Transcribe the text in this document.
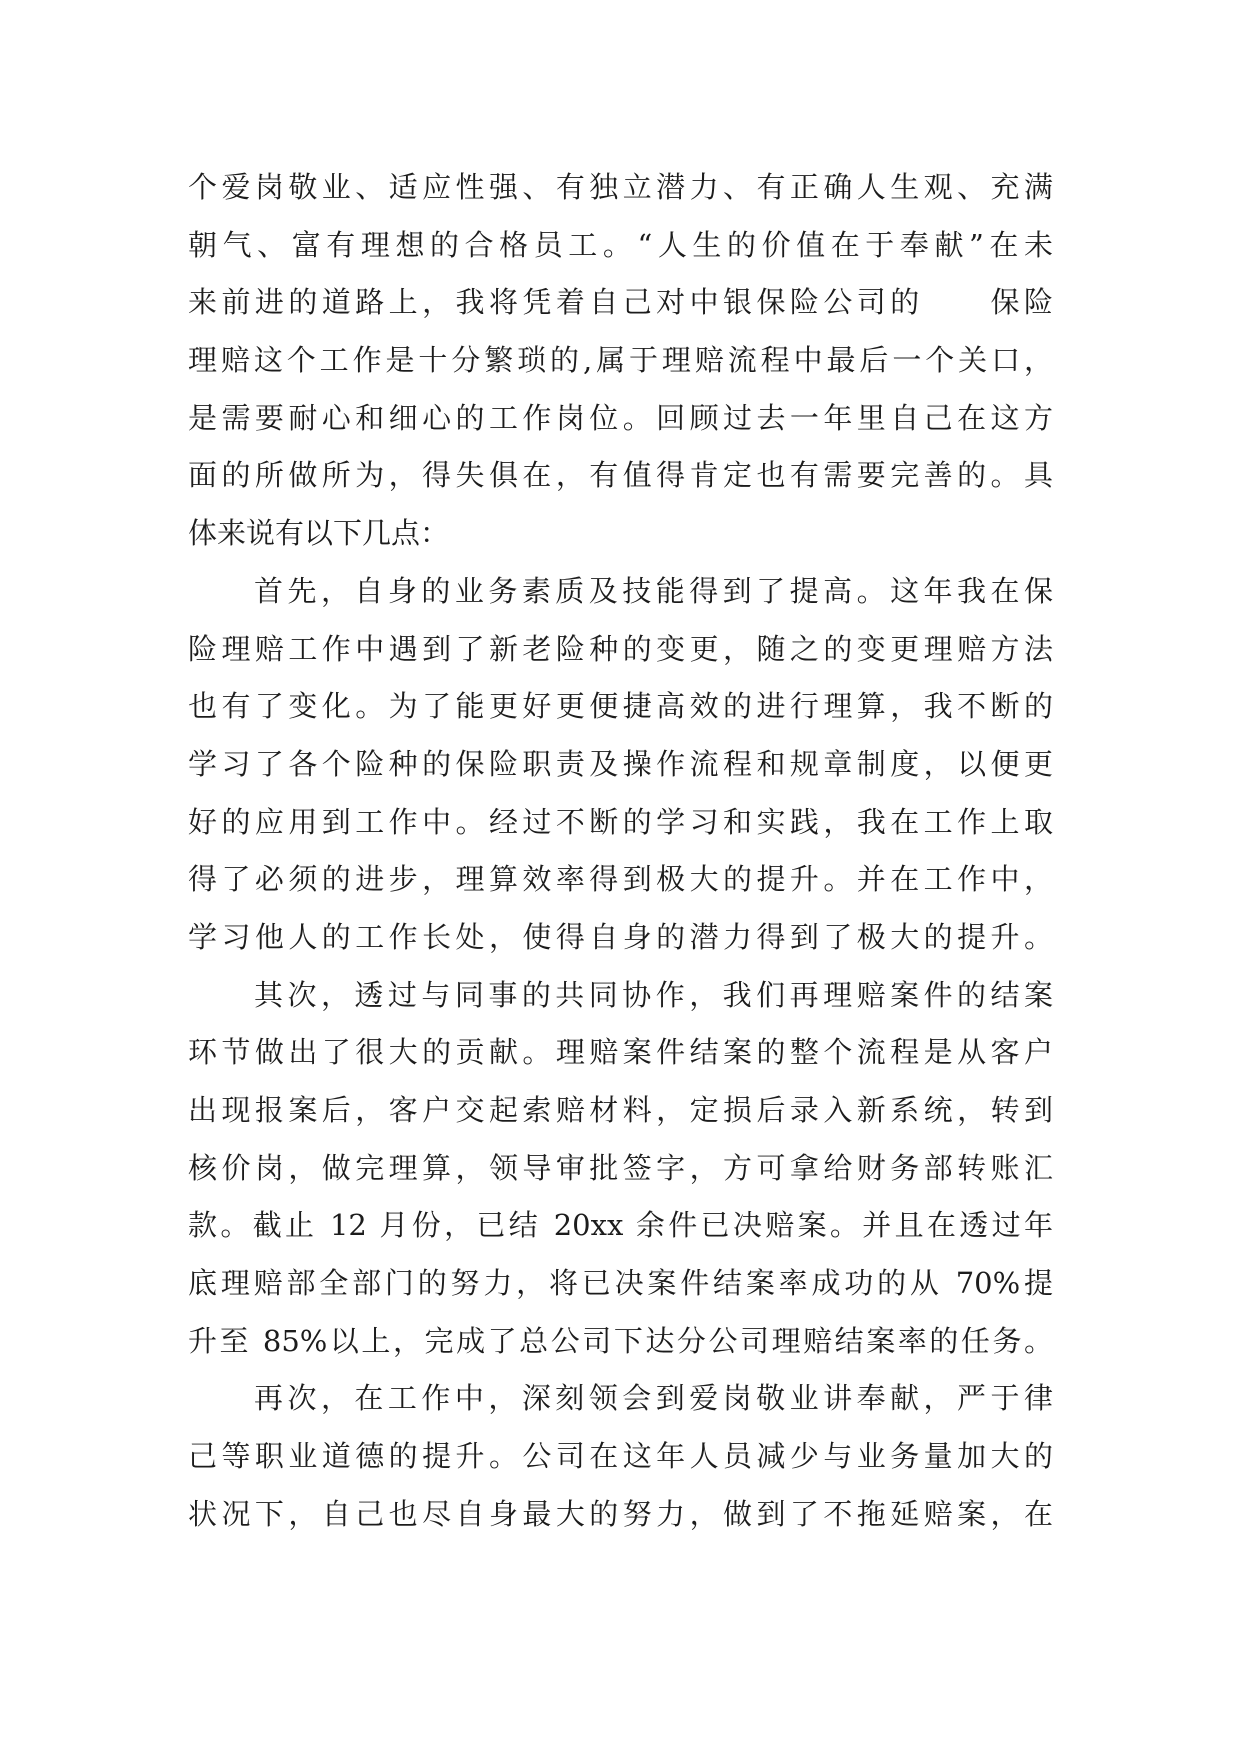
个爱岗敬业、适应性强、有独立潜力、有正确人生观、充满
朝气、富有理想的合格员工。“人生的价值在于奉献”在未
来前进的道路上，我将凭着自己对中银保险公司的　　保险
理赔这个工作是十分繁琐的,属于理赔流程中最后一个关口，
是需要耐心和细心的工作岗位。回顾过去一年里自己在这方
面的所做所为，得失俱在，有值得肯定也有需要完善的。具
体来说有以下几点：
首先，自身的业务素质及技能得到了提高。这年我在保
险理赔工作中遇到了新老险种的变更，随之的变更理赔方法
也有了变化。为了能更好更便捷高效的进行理算，我不断的
学习了各个险种的保险职责及操作流程和规章制度，以便更
好的应用到工作中。经过不断的学习和实践，我在工作上取
得了必须的进步，理算效率得到极大的提升。并在工作中，
学习他人的工作长处，使得自身的潜力得到了极大的提升。
其次，透过与同事的共同协作，我们再理赔案件的结案
环节做出了很大的贡献。理赔案件结案的整个流程是从客户
出现报案后，客户交起索赔材料，定损后录入新系统，转到
核价岗，做完理算，领导审批签字，方可拿给财务部转账汇
款。截止 12 月份，已结 20xx 余件已决赔案。并且在透过年
底理赔部全部门的努力，将已决案件结案率成功的从 70%提
升至 85%以上，完成了总公司下达分公司理赔结案率的任务。
再次，在工作中，深刻领会到爱岗敬业讲奉献，严于律
己等职业道德的提升。公司在这年人员减少与业务量加大的
状况下，自己也尽自身最大的努力，做到了不拖延赔案，在
